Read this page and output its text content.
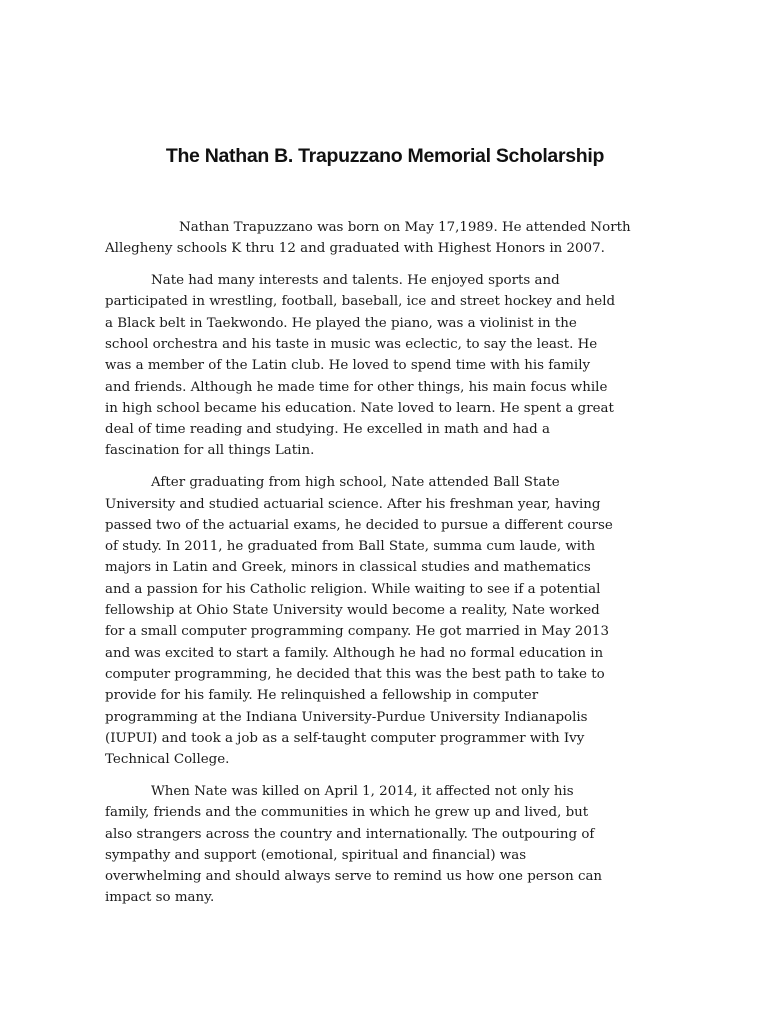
The Nathan B. Trapuzzano Memorial Scholarship

Nathan Trapuzzano was born on May 17,1989. He attended North
Allegheny schools K thru 12 and graduated with Highest Honors in 2007.

Nate had many interests and talents. He enjoyed sports and
participated in wrestling, football, baseball, ice and street hockey and held
a Black belt in Taekwondo. He played the piano, was a violinist in the
school orchestra and his taste in music was eclectic, to say the least. He
was a member of the Latin club. He loved to spend time with his family
and friends. Although he made time for other things, his main focus while
in high school became his education. Nate loved to learn. He spent a great
deal of time reading and studying. He excelled in math and had a
fascination for all things Latin.

After graduating from high school, Nate attended Ball State
University and studied actuarial science. After his freshman year, having
passed two of the actuarial exams, he decided to pursue a different course
of study. In 2011, he graduated from Ball State, summa cum laude, with
majors in Latin and Greek, minors in classical studies and mathematics
and a passion for his Catholic religion. While waiting to see if a potential
fellowship at Ohio State University would become a reality, Nate worked
for a small computer programming company. He got married in May 2013
and was excited to start a family. Although he had no formal education in
computer programming, he decided that this was the best path to take to
provide for his family. He relinquished a fellowship in computer
programming at the Indiana University-Purdue University Indianapolis
(IUPUI) and took a job as a self-taught computer programmer with Ivy
Technical College.

When Nate was killed on April 1, 2014, it affected not only his
family, friends and the communities in which he grew up and lived, but
also strangers across the country and internationally. The outpouring of
sympathy and support (emotional, spiritual and financial) was
overwhelming and should always serve to remind us how one person can
impact so many.
